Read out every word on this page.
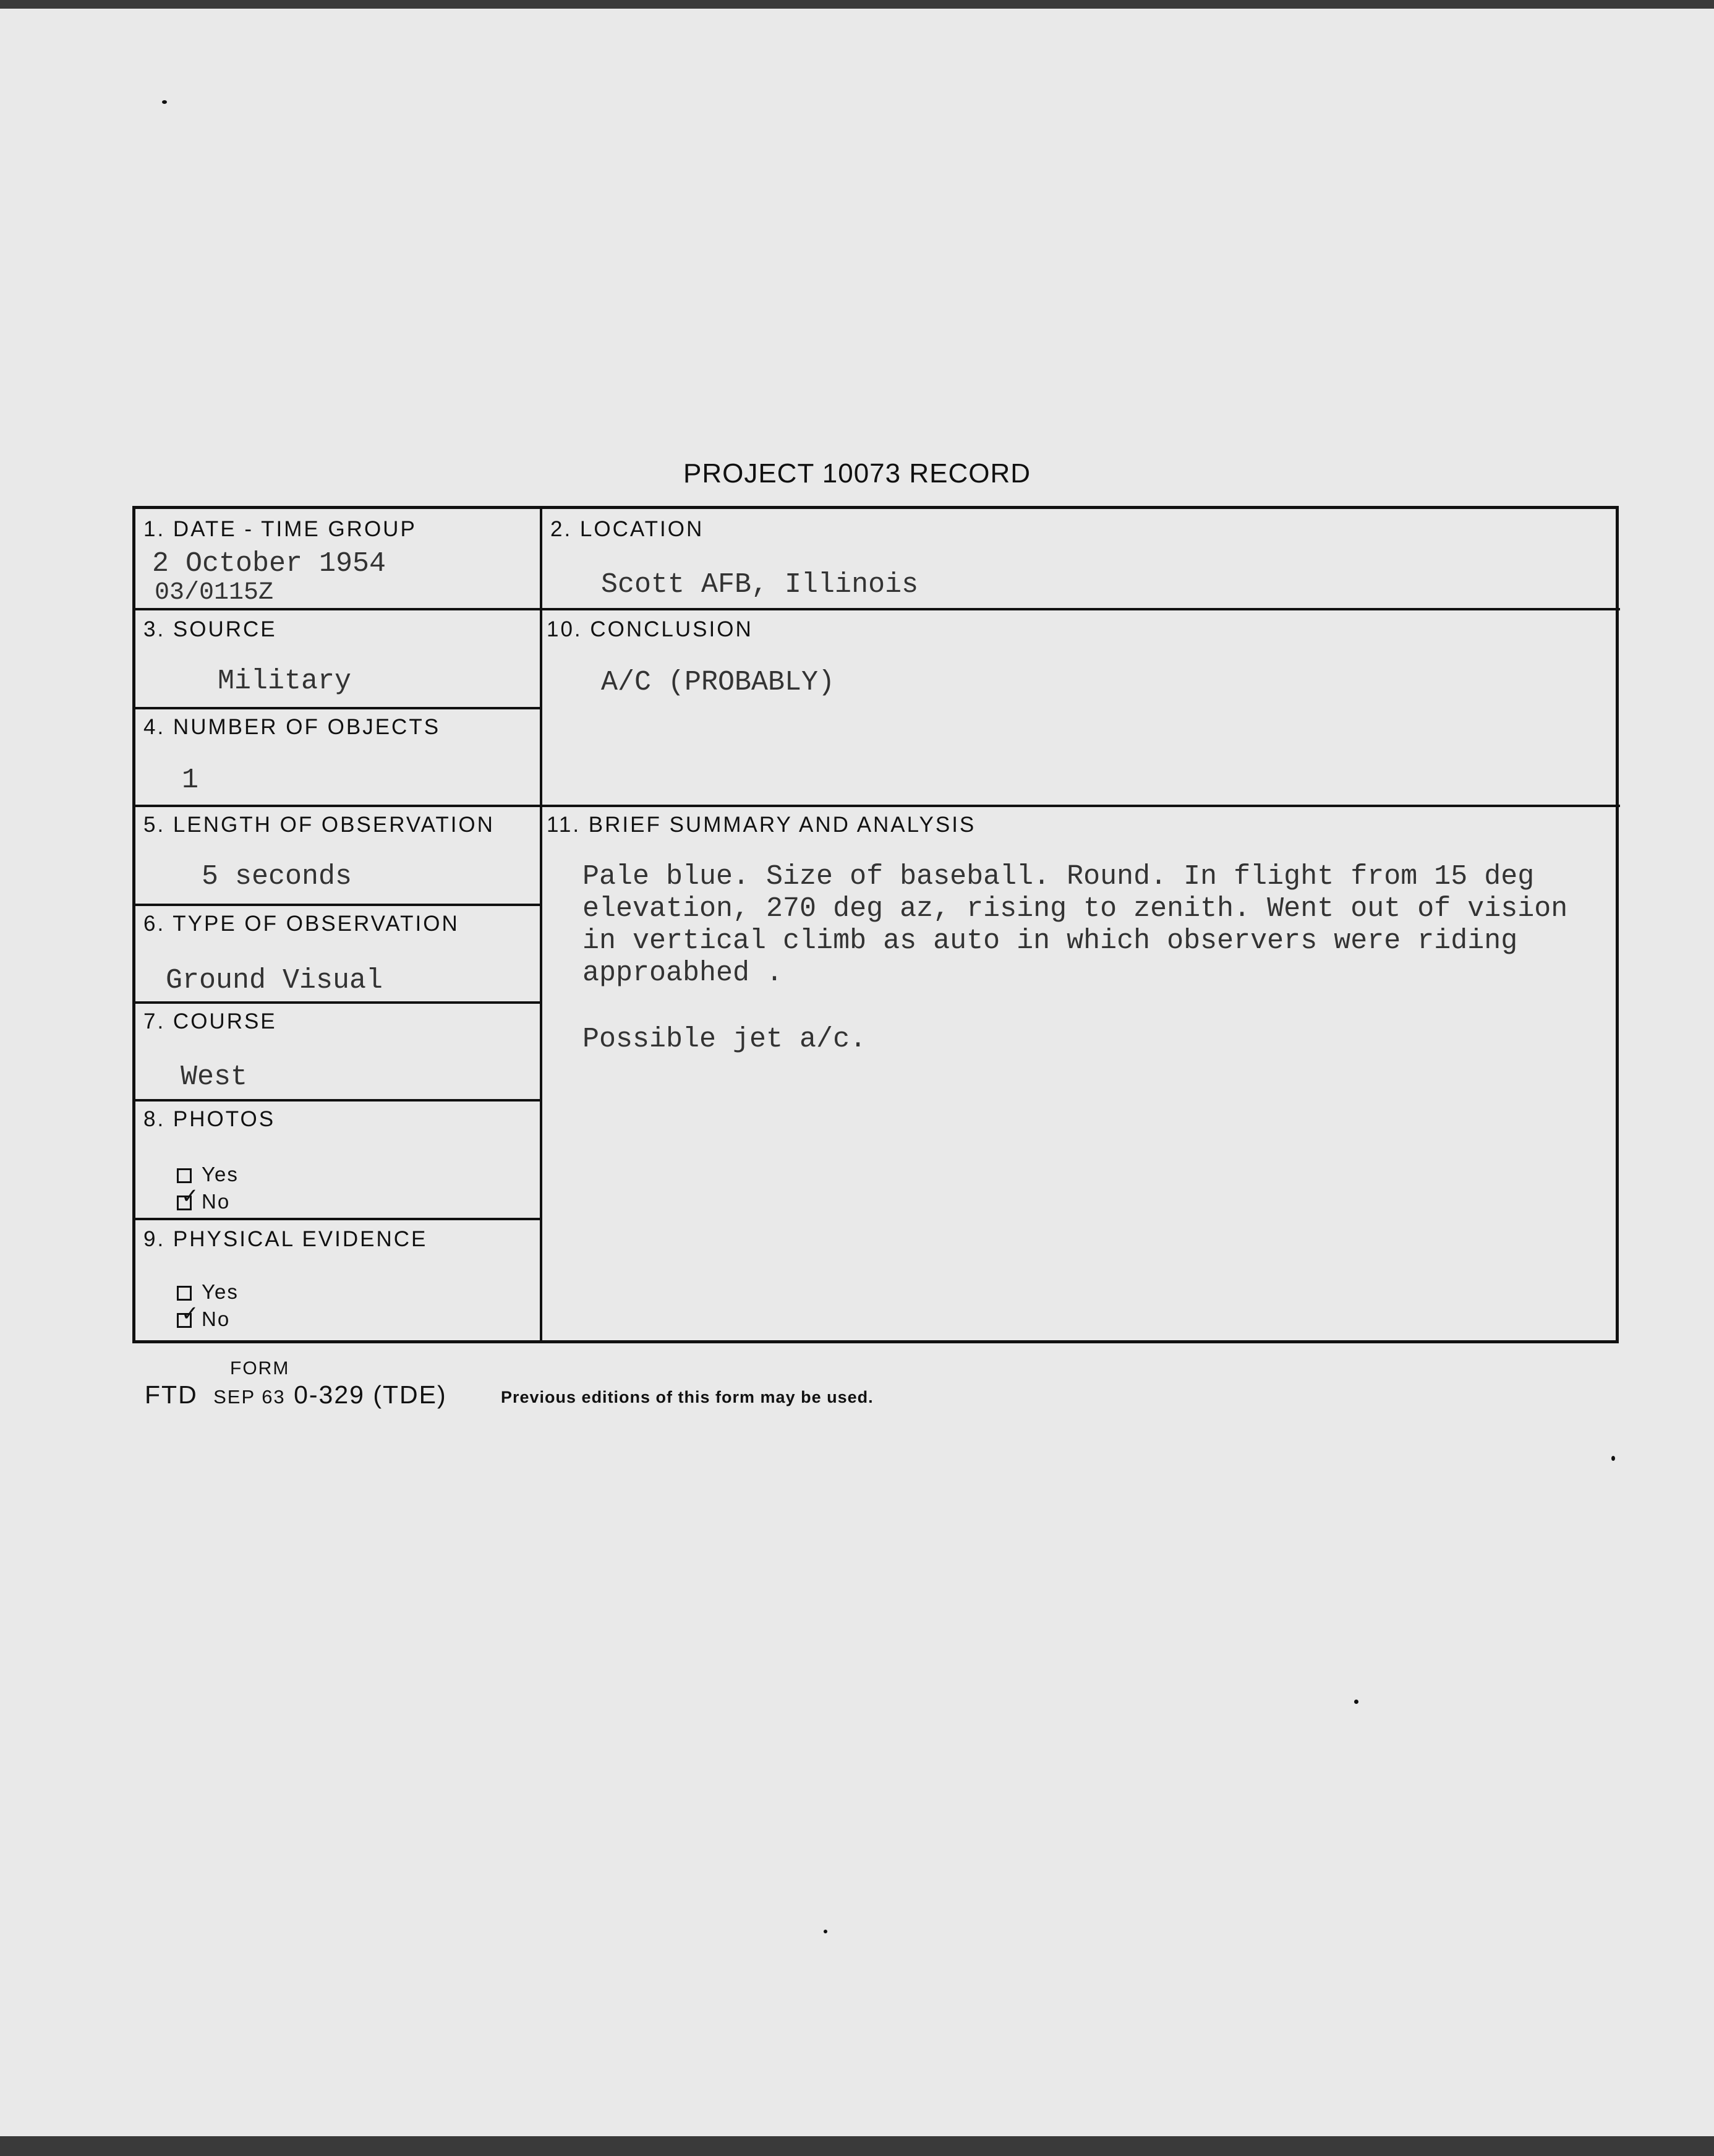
PROJECT 10073 RECORD
1. DATE - TIME GROUP
2 October 1954
03/0115Z
2. LOCATION
Scott AFB, Illinois
3. SOURCE
Military
4. NUMBER OF OBJECTS
1
10. CONCLUSION
A/C (PROBABLY)
5. LENGTH OF OBSERVATION
5 seconds
6. TYPE OF OBSERVATION
Ground Visual
7. COURSE
West
8. PHOTOS
Yes
✓No
9. PHYSICAL EVIDENCE
Yes
✓No
11. BRIEF SUMMARY AND ANALYSIS

Pale blue. Size of baseball. Round. In flight from 15 deg elevation, 270 deg az, rising to zenith. Went out of vision in vertical climb as auto in which observers were riding approabhed .

Possible jet a/c.

FORM
FTD SEP 63 0-329 (TDE)	Previous editions of this form may be used.
